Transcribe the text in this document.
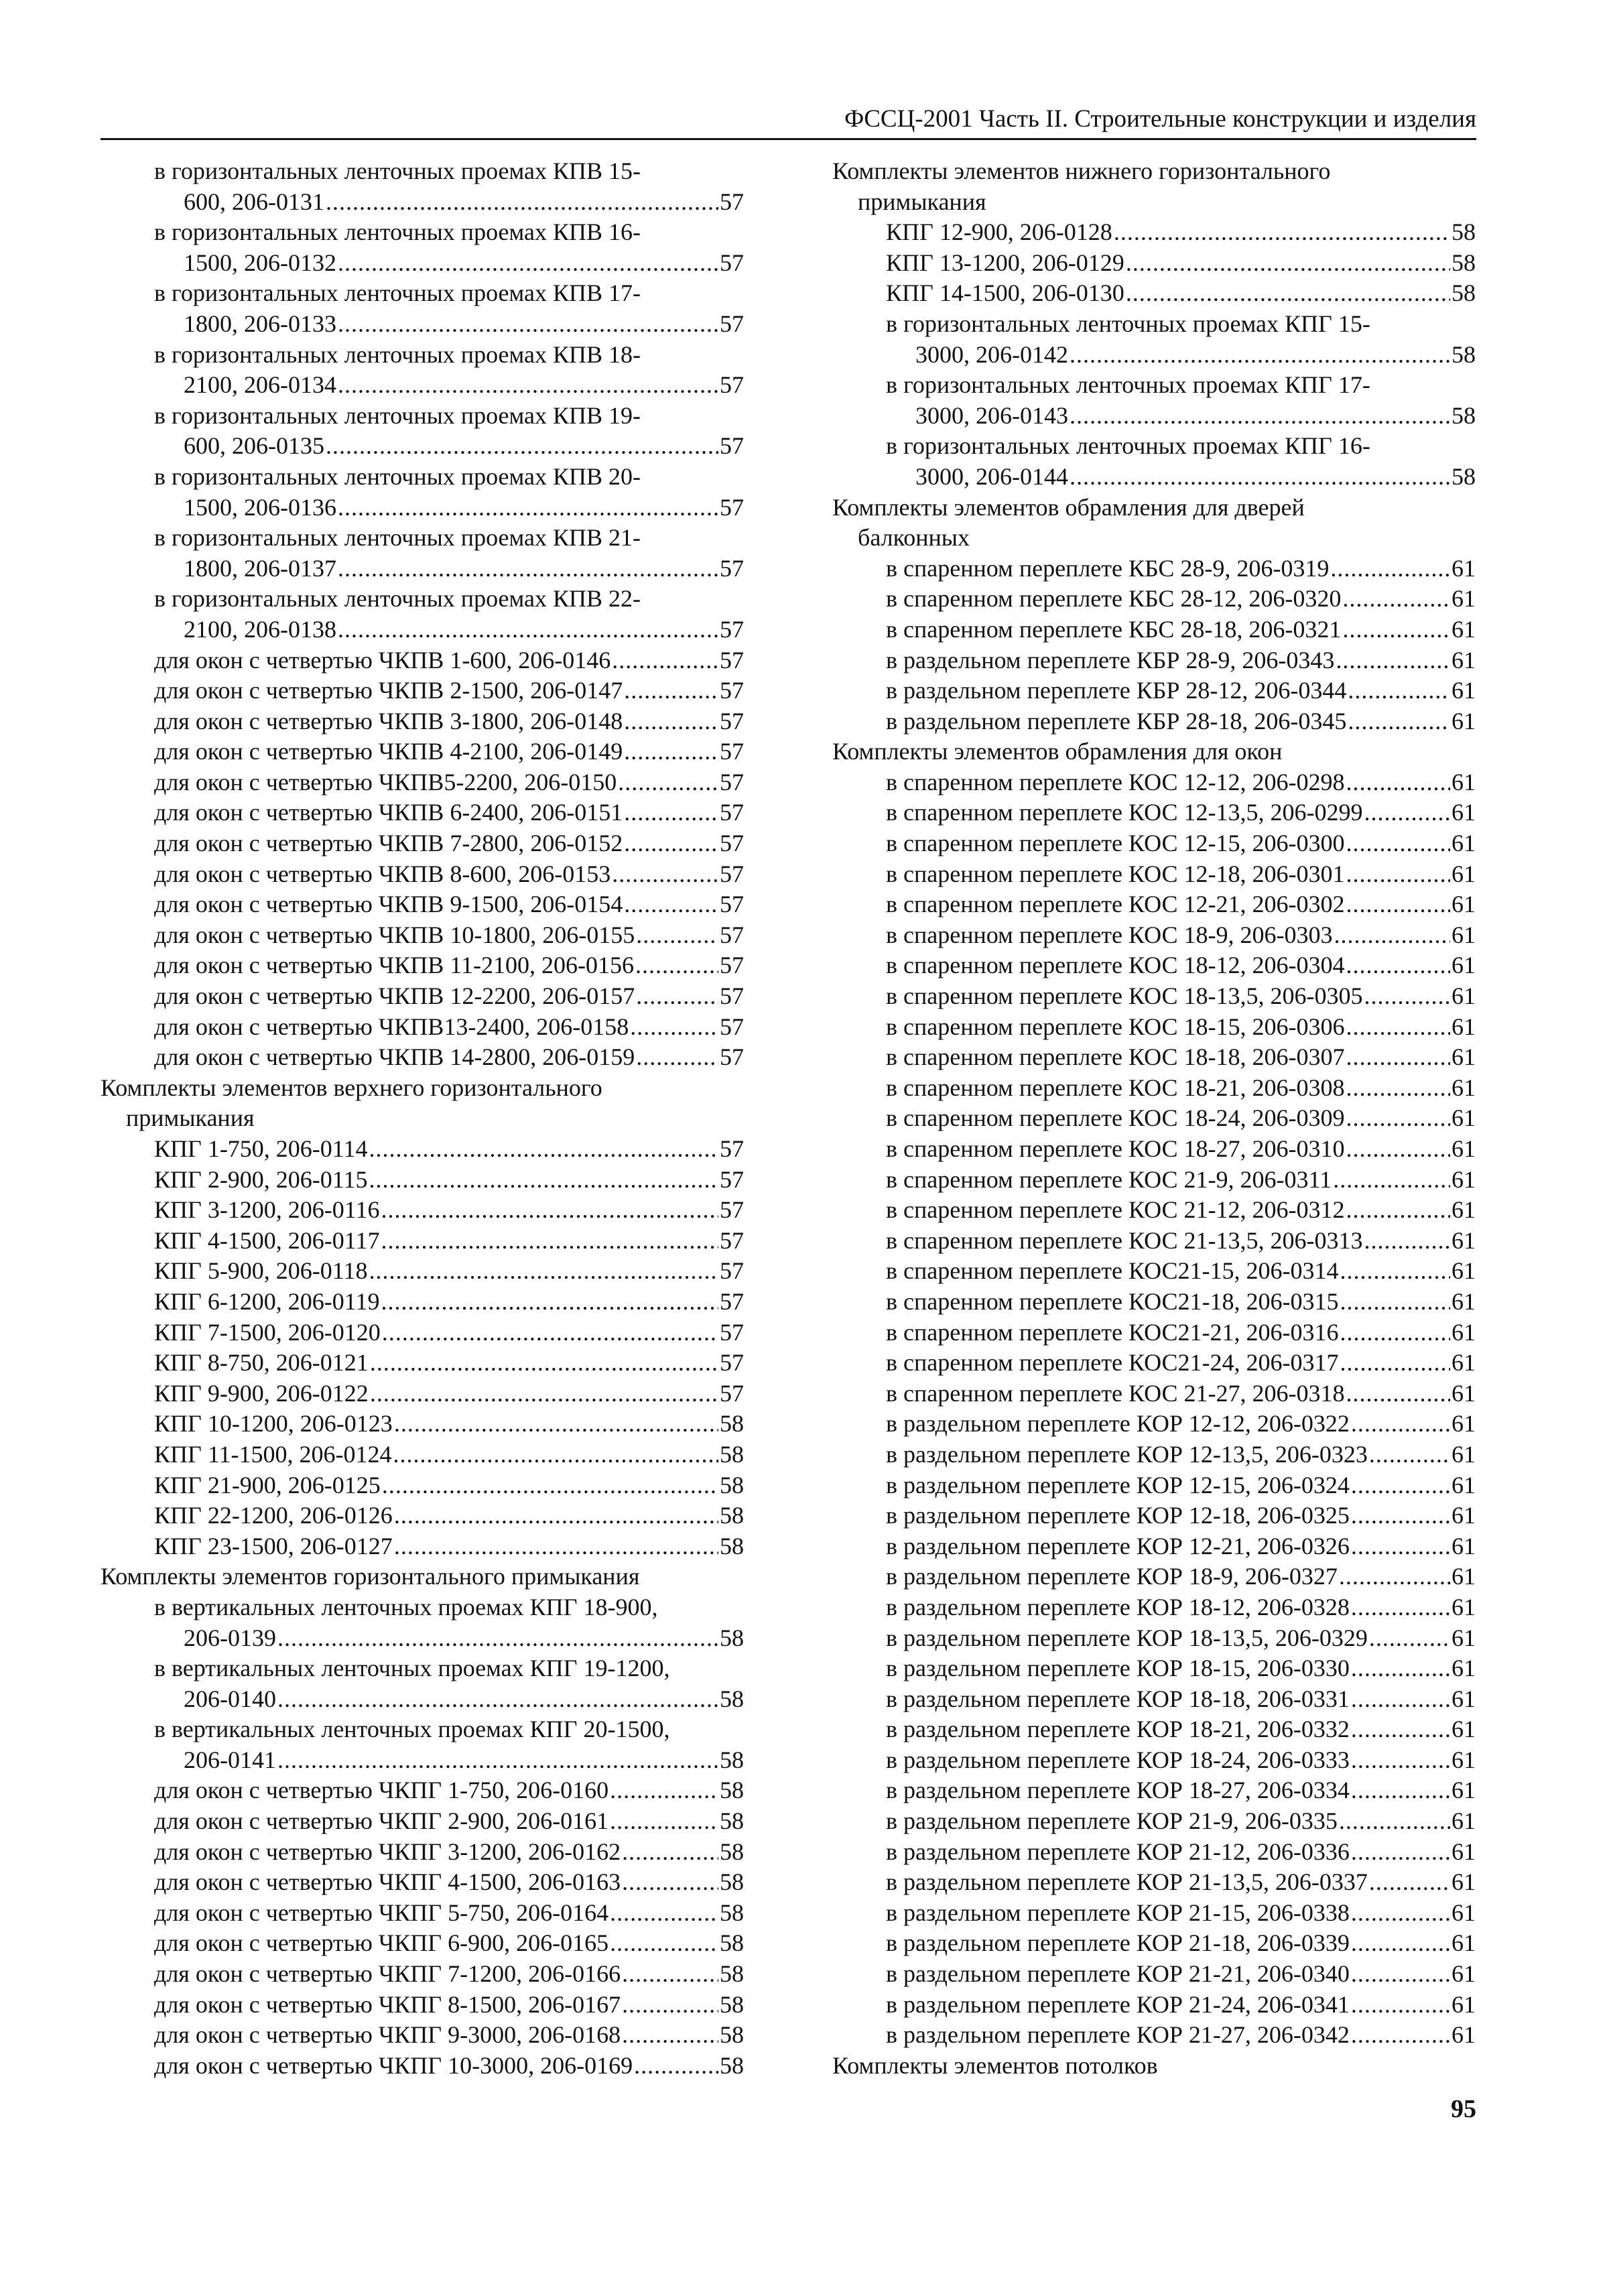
ФССЦ-2001 Часть II. Строительные конструкции и изделия
в горизонтальных ленточных проемах КПВ 15-
600, 206-0131 .....	57
в горизонтальных ленточных проемах КПВ 16-
1500, 206-0132 .....	57
в горизонтальных ленточных проемах КПВ 17-
1800, 206-0133 .....	57
в горизонтальных ленточных проемах КПВ 18-
2100, 206-0134 .....	57
в горизонтальных ленточных проемах КПВ 19-
600, 206-0135 .....	57
в горизонтальных ленточных проемах КПВ 20-
1500, 206-0136 .....	57
в горизонтальных ленточных проемах КПВ 21-
1800, 206-0137 .....	57
в горизонтальных ленточных проемах КПВ 22-
2100, 206-0138 .....	57
для окон с четвертью ЧКПВ 1-600, 206-0146 .....	57
для окон с четвертью ЧКПВ 2-1500, 206-0147 .....	57
для окон с четвертью ЧКПВ 3-1800, 206-0148 .....	57
для окон с четвертью ЧКПВ 4-2100, 206-0149 .....	57
для окон с четвертью ЧКПВ5-2200, 206-0150 .....	57
для окон с четвертью ЧКПВ 6-2400, 206-0151 .....	57
для окон с четвертью ЧКПВ 7-2800, 206-0152 .....	57
для окон с четвертью ЧКПВ 8-600, 206-0153 .....	57
для окон с четвертью ЧКПВ 9-1500, 206-0154 .....	57
для окон с четвертью ЧКПВ 10-1800, 206-0155 .....	57
для окон с четвертью ЧКПВ 11-2100, 206-0156 .....	57
для окон с четвертью ЧКПВ 12-2200, 206-0157 .....	57
для окон с четвертью ЧКПВ13-2400, 206-0158 .....	57
для окон с четвертью ЧКПВ 14-2800, 206-0159 .....	57
Комплекты элементов верхнего горизонтального
примыкания
КПГ 1-750, 206-0114 .....	57
КПГ 2-900, 206-0115 .....	57
КПГ 3-1200, 206-0116 .....	57
КПГ 4-1500, 206-0117 .....	57
КПГ 5-900, 206-0118 .....	57
КПГ 6-1200, 206-0119 .....	57
КПГ 7-1500, 206-0120 .....	57
КПГ 8-750, 206-0121 .....	57
КПГ 9-900, 206-0122 .....	57
КПГ 10-1200, 206-0123 .....	58
КПГ 11-1500, 206-0124 .....	58
КПГ 21-900, 206-0125 .....	58
КПГ 22-1200, 206-0126 .....	58
КПГ 23-1500, 206-0127 .....	58
Комплекты элементов горизонтального примыкания
в вертикальных ленточных проемах КПГ 18-900,
206-0139 .....	58
в вертикальных ленточных проемах КПГ 19-1200,
206-0140 .....	58
в вертикальных ленточных проемах КПГ 20-1500,
206-0141 .....	58
для окон с четвертью ЧКПГ 1-750, 206-0160 .....	58
для окон с четвертью ЧКПГ 2-900, 206-0161 .....	58
для окон с четвертью ЧКПГ 3-1200, 206-0162 .....	58
для окон с четвертью ЧКПГ 4-1500, 206-0163 .....	58
для окон с четвертью ЧКПГ 5-750, 206-0164 .....	58
для окон с четвертью ЧКПГ 6-900, 206-0165 .....	58
для окон с четвертью ЧКПГ 7-1200, 206-0166 .....	58
для окон с четвертью ЧКПГ 8-1500, 206-0167 .....	58
для окон с четвертью ЧКПГ 9-3000, 206-0168 .....	58
для окон с четвертью ЧКПГ 10-3000, 206-0169 .....	58
Комплекты элементов нижнего горизонтального
примыкания
КПГ 12-900, 206-0128 .....	58
КПГ 13-1200, 206-0129 .....	58
КПГ 14-1500, 206-0130 .....	58
в горизонтальных ленточных проемах КПГ 15-
3000, 206-0142 .....	58
в горизонтальных ленточных проемах КПГ 17-
3000, 206-0143 .....	58
в горизонтальных ленточных проемах КПГ 16-
3000, 206-0144 .....	58
Комплекты элементов обрамления для дверей
балконных
в спаренном переплете КБС 28-9, 206-0319 .....	61
в спаренном переплете КБС 28-12, 206-0320 .....	61
в спаренном переплете КБС 28-18, 206-0321 .....	61
в раздельном переплете КБР 28-9, 206-0343 .....	61
в раздельном переплете КБР 28-12, 206-0344 .....	61
в раздельном переплете КБР 28-18, 206-0345 .....	61
Комплекты элементов обрамления для окон
в спаренном переплете КОС 12-12, 206-0298 .....	61
в спаренном переплете КОС 12-13,5, 206-0299 .....	61
в спаренном переплете КОС 12-15, 206-0300 .....	61
в спаренном переплете КОС 12-18, 206-0301 .....	61
в спаренном переплете КОС 12-21, 206-0302 .....	61
в спаренном переплете КОС 18-9, 206-0303 .....	61
в спаренном переплете КОС 18-12, 206-0304 .....	61
в спаренном переплете КОС 18-13,5, 206-0305 .....	61
в спаренном переплете КОС 18-15, 206-0306 .....	61
в спаренном переплете КОС 18-18, 206-0307 .....	61
в спаренном переплете КОС 18-21, 206-0308 .....	61
в спаренном переплете КОС 18-24, 206-0309 .....	61
в спаренном переплете КОС 18-27, 206-0310 .....	61
в спаренном переплете КОС 21-9, 206-0311 .....	61
в спаренном переплете КОС 21-12, 206-0312 .....	61
в спаренном переплете КОС 21-13,5, 206-0313 .....	61
в спаренном переплете КОС21-15, 206-0314 .....	61
в спаренном переплете КОС21-18, 206-0315 .....	61
в спаренном переплете КОС21-21, 206-0316 .....	61
в спаренном переплете КОС21-24, 206-0317 .....	61
в спаренном переплете КОС 21-27, 206-0318 .....	61
в раздельном переплете КОР 12-12, 206-0322 .....	61
в раздельном переплете КОР 12-13,5, 206-0323 .....	61
в раздельном переплете КОР 12-15, 206-0324 .....	61
в раздельном переплете КОР 12-18, 206-0325 .....	61
в раздельном переплете КОР 12-21, 206-0326 .....	61
в раздельном переплете КОР 18-9, 206-0327 .....	61
в раздельном переплете КОР 18-12, 206-0328 .....	61
в раздельном переплете КОР 18-13,5, 206-0329 .....	61
в раздельном переплете КОР 18-15, 206-0330 .....	61
в раздельном переплете КОР 18-18, 206-0331 .....	61
в раздельном переплете КОР 18-21, 206-0332 .....	61
в раздельном переплете КОР 18-24, 206-0333 .....	61
в раздельном переплете КОР 18-27, 206-0334 .....	61
в раздельном переплете КОР 21-9, 206-0335 .....	61
в раздельном переплете КОР 21-12, 206-0336 .....	61
в раздельном переплете КОР 21-13,5, 206-0337 .....	61
в раздельном переплете КОР 21-15, 206-0338 .....	61
в раздельном переплете КОР 21-18, 206-0339 .....	61
в раздельном переплете КОР 21-21, 206-0340 .....	61
в раздельном переплете КОР 21-24, 206-0341 .....	61
в раздельном переплете КОР 21-27, 206-0342 .....	61
Комплекты элементов потолков
95
